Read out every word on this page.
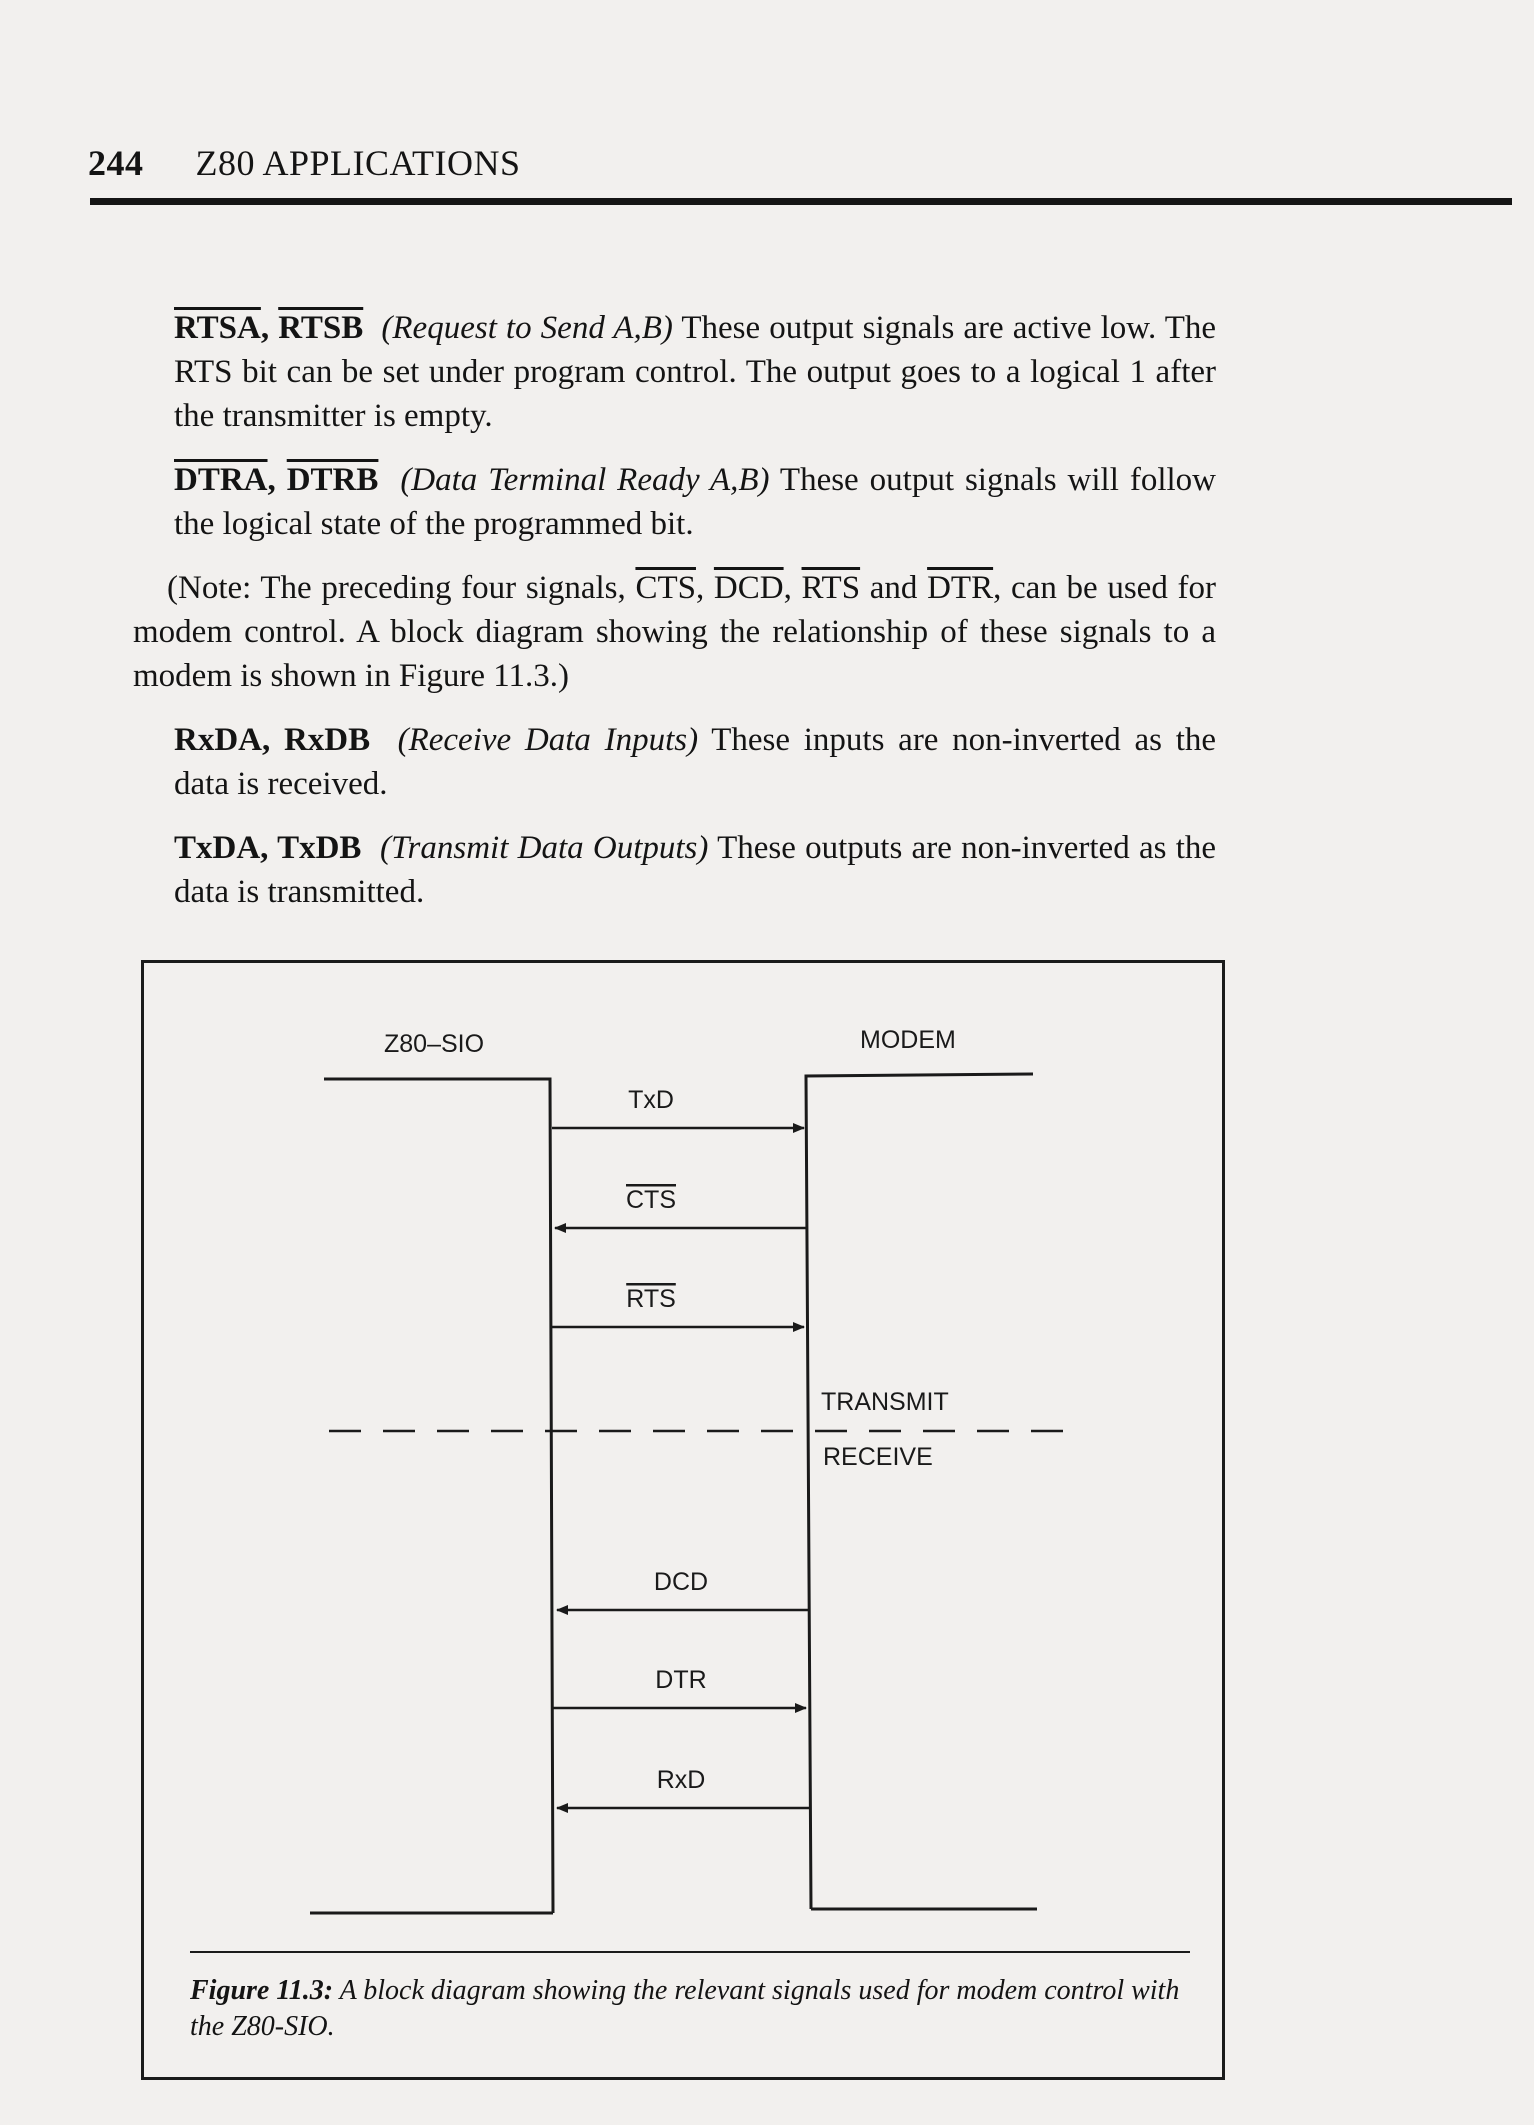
244 Z80 APPLICATIONS
RTSA, RTSB (Request to Send A,B) These output signals are active low. The RTS bit can be set under program control. The output goes to a logical 1 after the transmitter is empty.
DTRA, DTRB (Data Terminal Ready A,B) These output signals will follow the logical state of the programmed bit.
(Note: The preceding four signals, $\overline{CTS}$, $\overline{DCD}$, $\overline{RTS}$ and $\overline{DTR}$, can be used for modem control. A block diagram showing the relationship of these signals to a modem is shown in Figure 11.3.)
RxDA, RxDB (Receive Data Inputs) These inputs are non-inverted as the data is received.
TxDA, TxDB (Transmit Data Outputs) These outputs are non-inverted as the data is transmitted.
Z80–SIO	MODEM
TxD
CTS
RTS
TRANSMIT
RECEIVE
DCD
DTR
RxD
Figure 11.3: A block diagram showing the relevant signals used for modem control with the Z80-SIO.
